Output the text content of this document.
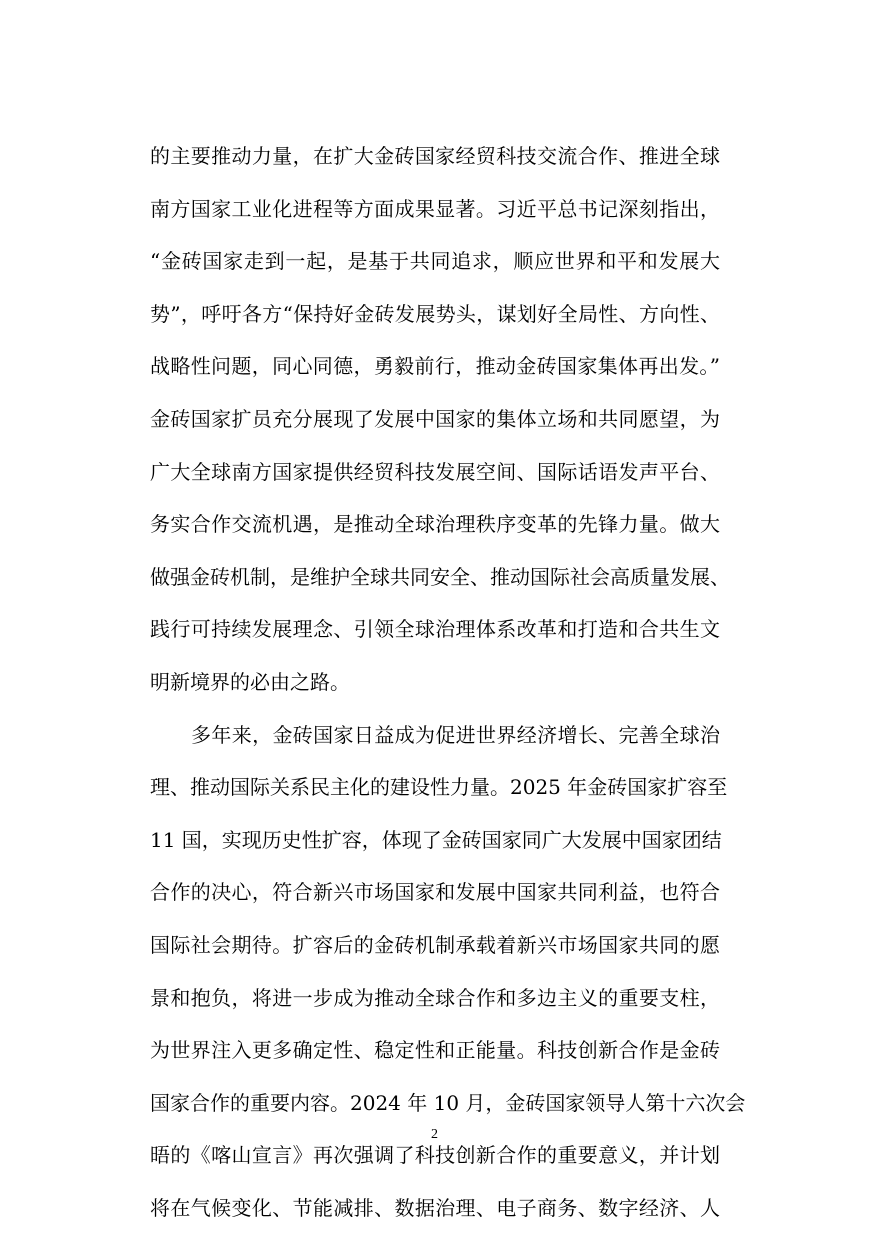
的主要推动力量，在扩大金砖国家经贸科技交流合作、推进全球
南方国家工业化进程等方面成果显著。习近平总书记深刻指出，
“金砖国家走到一起，是基于共同追求，顺应世界和平和发展大
势”，呼吁各方“保持好金砖发展势头，谋划好全局性、方向性、
战略性问题，同心同德，勇毅前行，推动金砖国家集体再出发。”
金砖国家扩员充分展现了发展中国家的集体立场和共同愿望，为
广大全球南方国家提供经贸科技发展空间、国际话语发声平台、
务实合作交流机遇，是推动全球治理秩序变革的先锋力量。做大
做强金砖机制，是维护全球共同安全、推动国际社会高质量发展、
践行可持续发展理念、引领全球治理体系改革和打造和合共生文
明新境界的必由之路。
多年来，金砖国家日益成为促进世界经济增长、完善全球治
理、推动国际关系民主化的建设性力量。2025 年金砖国家扩容至
11 国，实现历史性扩容，体现了金砖国家同广大发展中国家团结
合作的决心，符合新兴市场国家和发展中国家共同利益，也符合
国际社会期待。扩容后的金砖机制承载着新兴市场国家共同的愿
景和抱负，将进一步成为推动全球合作和多边主义的重要支柱，
为世界注入更多确定性、稳定性和正能量。科技创新合作是金砖
国家合作的重要内容。2024 年 10 月，金砖国家领导人第十六次会
晤的《喀山宣言》再次强调了科技创新合作的重要意义，并计划
将在气候变化、节能减排、数据治理、电子商务、数字经济、人
2
